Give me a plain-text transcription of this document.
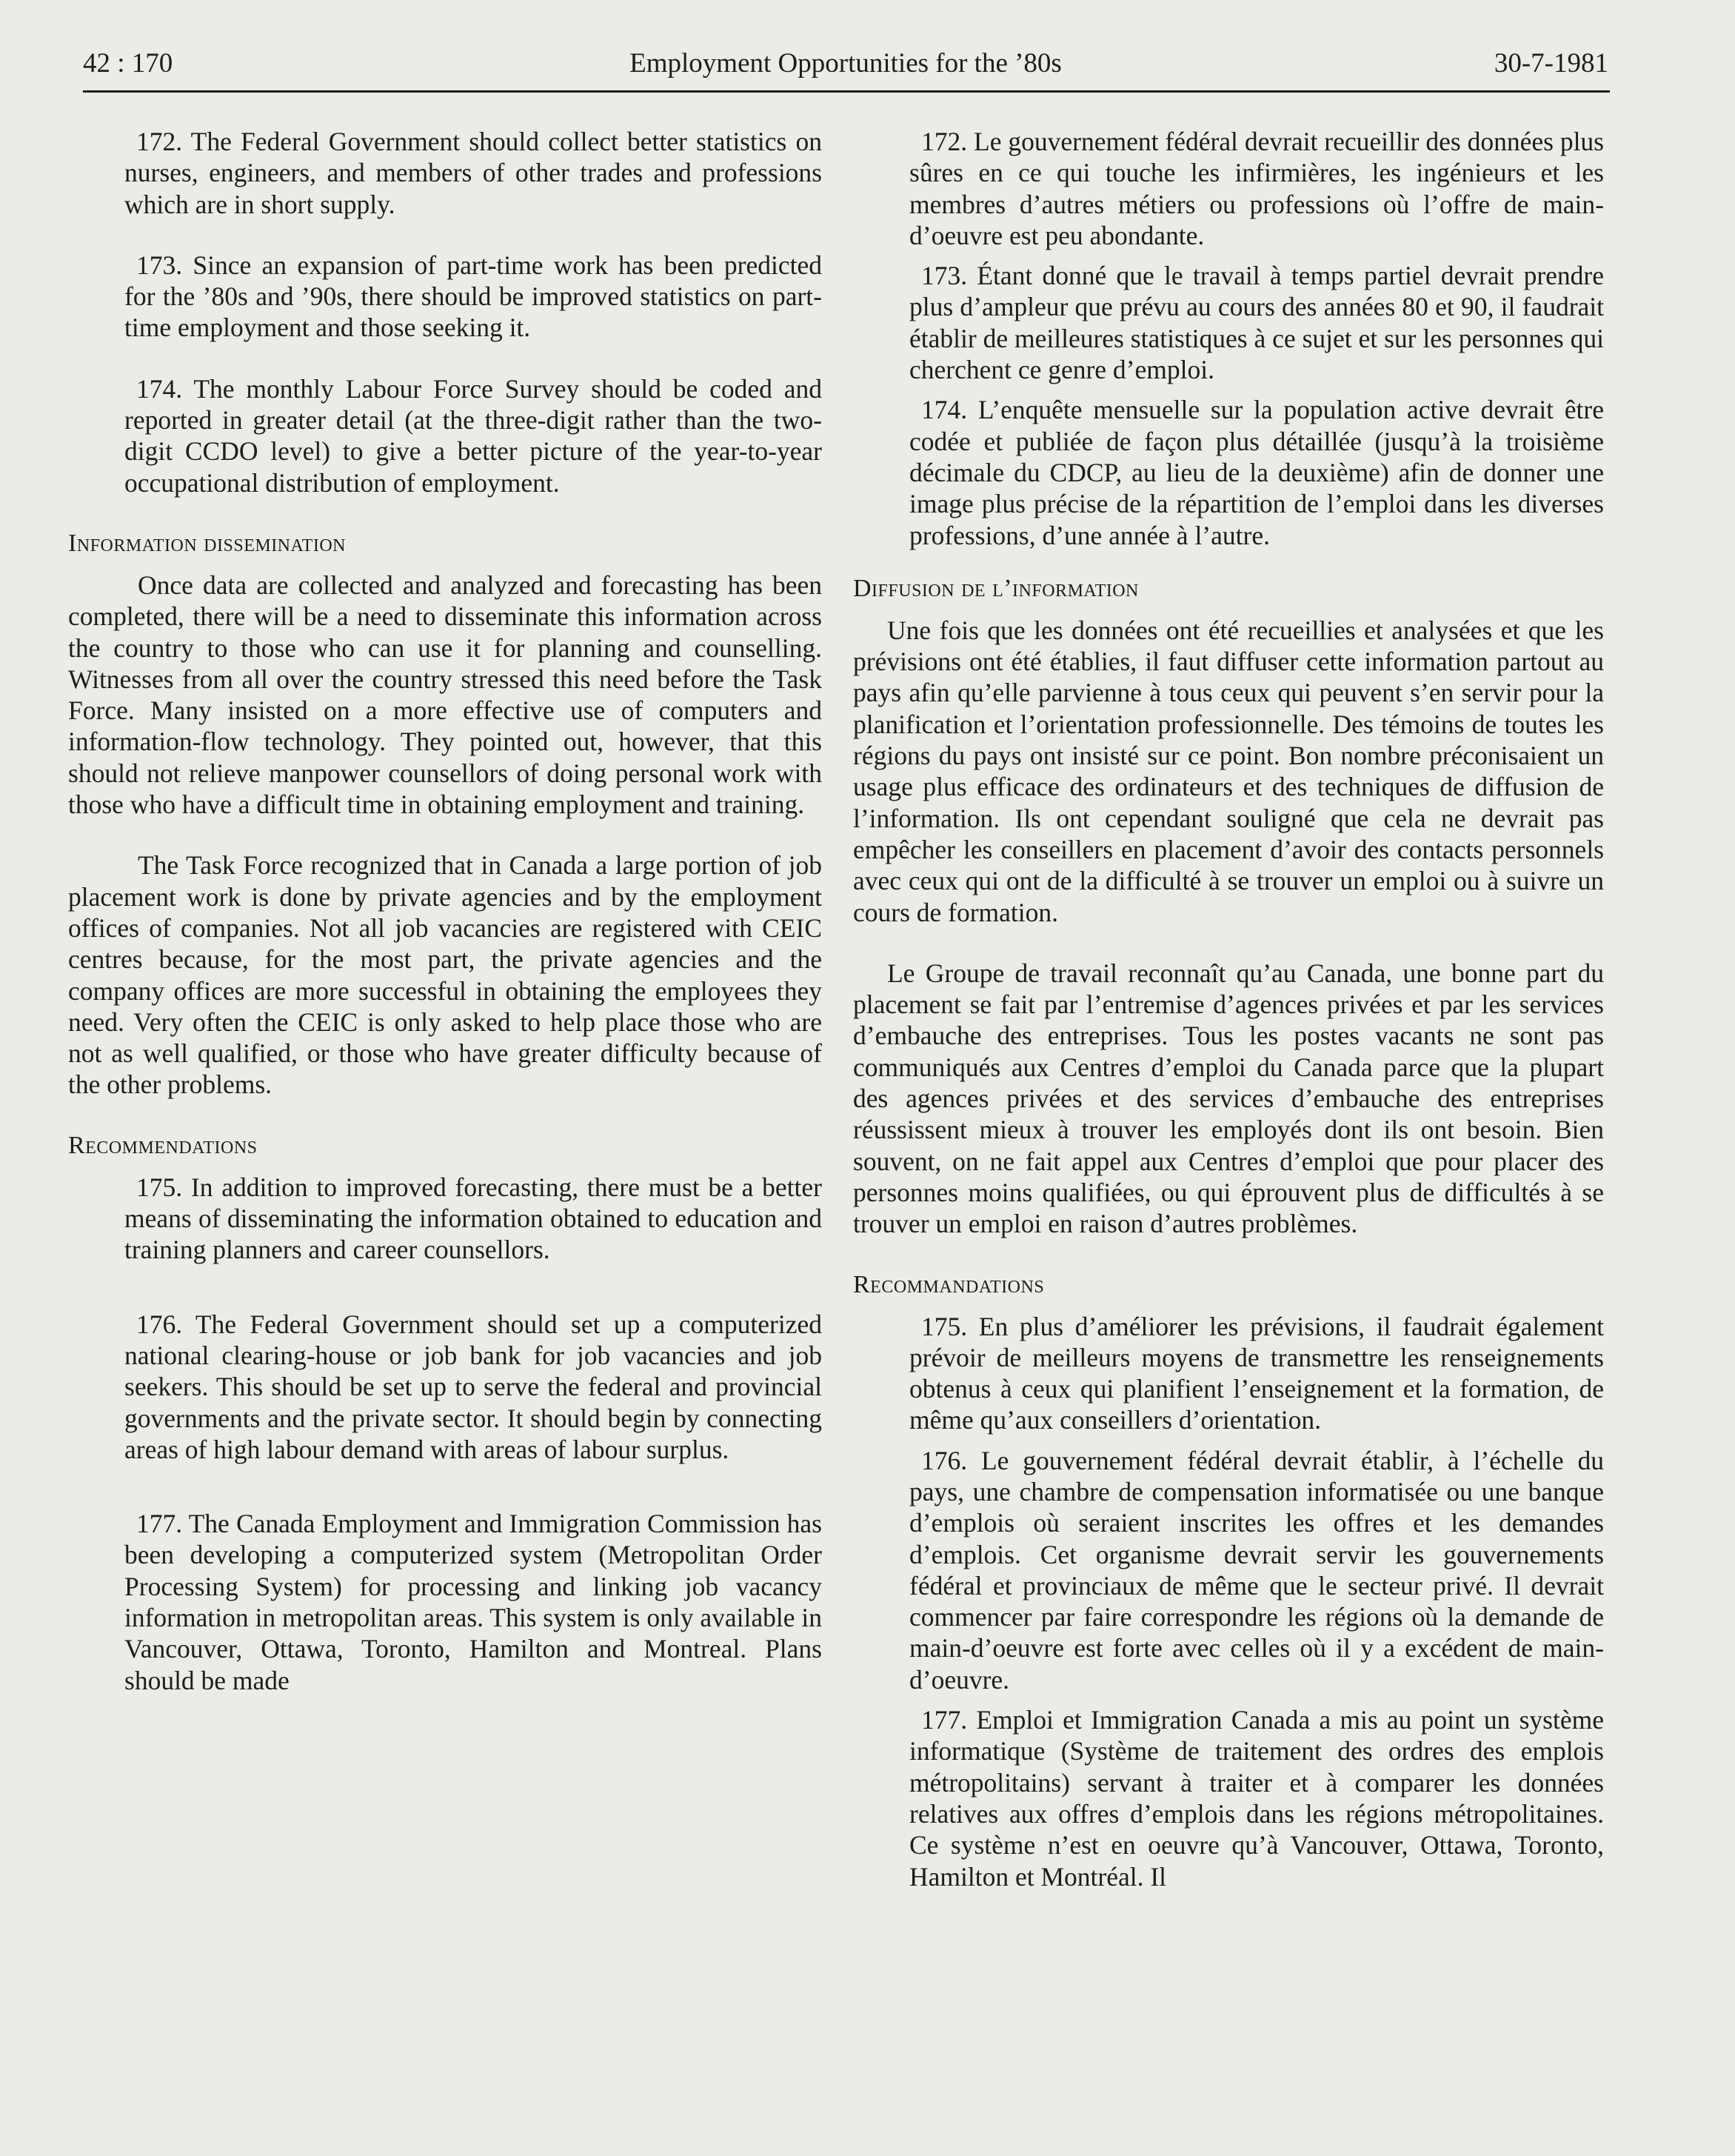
42 : 170	Employment Opportunities for the ’80s	30-7-1981

172. The Federal Government should collect better statistics on nurses, engineers, and members of other trades and professions which are in short supply.

173. Since an expansion of part-time work has been predicted for the ’80s and ’90s, there should be improved statistics on part-time employment and those seeking it.

174. The monthly Labour Force Survey should be coded and reported in greater detail (at the three-digit rather than the two-digit CCDO level) to give a better picture of the year-to-year occupational distribution of employment.

Information dissemination

Once data are collected and analyzed and forecasting has been completed, there will be a need to disseminate this information across the country to those who can use it for planning and counselling. Witnesses from all over the country stressed this need before the Task Force. Many insisted on a more effective use of computers and information-flow technology. They pointed out, however, that this should not relieve manpower counsellors of doing personal work with those who have a difficult time in obtaining employment and training.

The Task Force recognized that in Canada a large portion of job placement work is done by private agencies and by the employment offices of companies. Not all job vacancies are registered with CEIC centres because, for the most part, the private agencies and the company offices are more successful in obtaining the employees they need. Very often the CEIC is only asked to help place those who are not as well qualified, or those who have greater difficulty because of the other problems.

Recommendations

175. In addition to improved forecasting, there must be a better means of disseminating the information obtained to education and training planners and career counsellors.

176. The Federal Government should set up a computerized national clearing-house or job bank for job vacancies and job seekers. This should be set up to serve the federal and provincial governments and the private sector. It should begin by connecting areas of high labour demand with areas of labour surplus.

177. The Canada Employment and Immigration Commission has been developing a computerized system (Metropolitan Order Processing System) for processing and linking job vacancy information in metropolitan areas. This system is only available in Vancouver, Ottawa, Toronto, Hamilton and Montreal. Plans should be made

172. Le gouvernement fédéral devrait recueillir des données plus sûres en ce qui touche les infirmières, les ingénieurs et les membres d’autres métiers ou professions où l’offre de main-d’oeuvre est peu abondante.

173. Étant donné que le travail à temps partiel devrait prendre plus d’ampleur que prévu au cours des années 80 et 90, il faudrait établir de meilleures statistiques à ce sujet et sur les personnes qui cherchent ce genre d’emploi.

174. L’enquête mensuelle sur la population active devrait être codée et publiée de façon plus détaillée (jusqu’à la troisième décimale du CDCP, au lieu de la deuxième) afin de donner une image plus précise de la répartition de l’emploi dans les diverses professions, d’une année à l’autre.

Diffusion de l’information

Une fois que les données ont été recueillies et analysées et que les prévisions ont été établies, il faut diffuser cette information partout au pays afin qu’elle parvienne à tous ceux qui peuvent s’en servir pour la planification et l’orientation professionnelle. Des témoins de toutes les régions du pays ont insisté sur ce point. Bon nombre préconisaient un usage plus efficace des ordinateurs et des techniques de diffusion de l’information. Ils ont cependant souligné que cela ne devrait pas empêcher les conseillers en placement d’avoir des contacts personnels avec ceux qui ont de la difficulté à se trouver un emploi ou à suivre un cours de formation.

Le Groupe de travail reconnaît qu’au Canada, une bonne part du placement se fait par l’entremise d’agences privées et par les services d’embauche des entreprises. Tous les postes vacants ne sont pas communiqués aux Centres d’emploi du Canada parce que la plupart des agences privées et des services d’embauche des entreprises réussissent mieux à trouver les employés dont ils ont besoin. Bien souvent, on ne fait appel aux Centres d’emploi que pour placer des personnes moins qualifiées, ou qui éprouvent plus de difficultés à se trouver un emploi en raison d’autres problèmes.

Recommandations

175. En plus d’améliorer les prévisions, il faudrait également prévoir de meilleurs moyens de transmettre les renseignements obtenus à ceux qui planifient l’enseignement et la formation, de même qu’aux conseillers d’orientation.

176. Le gouvernement fédéral devrait établir, à l’échelle du pays, une chambre de compensation informatisée ou une banque d’emplois où seraient inscrites les offres et les demandes d’emplois. Cet organisme devrait servir les gouvernements fédéral et provinciaux de même que le secteur privé. Il devrait commencer par faire correspondre les régions où la demande de main-d’oeuvre est forte avec celles où il y a excédent de main-d’oeuvre.

177. Emploi et Immigration Canada a mis au point un système informatique (Système de traitement des ordres des emplois métropolitains) servant à traiter et à comparer les données relatives aux offres d’emplois dans les régions métropolitaines. Ce système n’est en oeuvre qu’à Vancouver, Ottawa, Toronto, Hamilton et Montréal. Il
